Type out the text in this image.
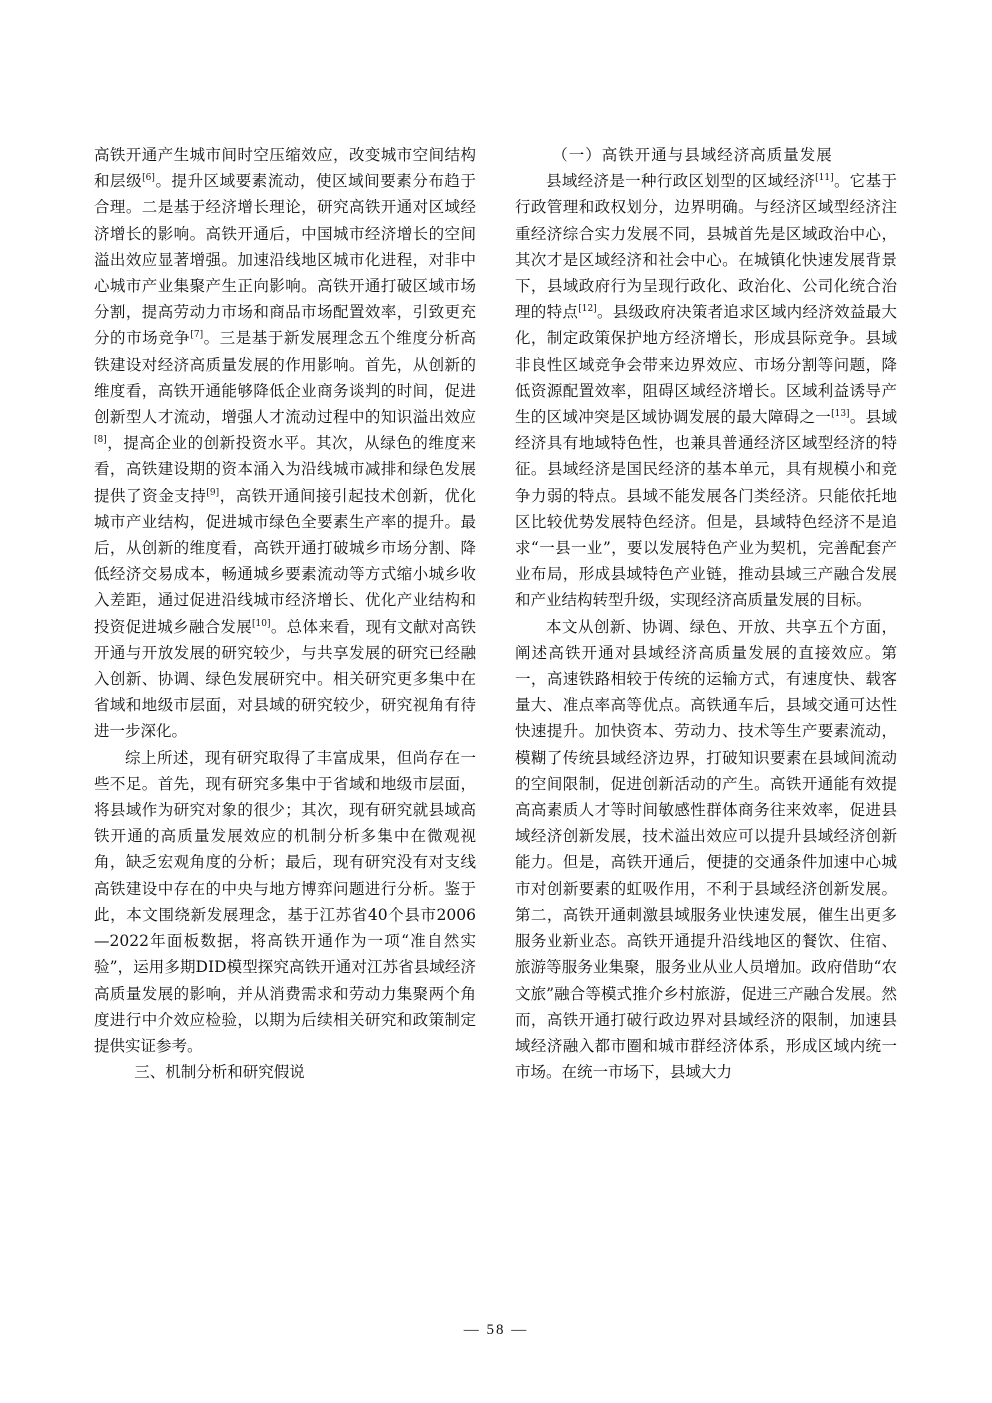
高铁开通产生城市间时空压缩效应，改变城市空间结构和层级[6]。提升区域要素流动，使区域间要素分布趋于合理。二是基于经济增长理论，研究高铁开通对区域经济增长的影响。高铁开通后，中国城市经济增长的空间溢出效应显著增强。加速沿线地区城市化进程，对非中心城市产业集聚产生正向影响。高铁开通打破区域市场分割，提高劳动力市场和商品市场配置效率，引致更充分的市场竞争[7]。三是基于新发展理念五个维度分析高铁建设对经济高质量发展的作用影响。首先，从创新的维度看，高铁开通能够降低企业商务谈判的时间，促进创新型人才流动，增强人才流动过程中的知识溢出效应[8]，提高企业的创新投资水平。其次，从绿色的维度来看，高铁建设期的资本涌入为沿线城市减排和绿色发展提供了资金支持[9]，高铁开通间接引起技术创新，优化城市产业结构，促进城市绿色全要素生产率的提升。最后，从创新的维度看，高铁开通打破城乡市场分割、降低经济交易成本，畅通城乡要素流动等方式缩小城乡收入差距，通过促进沿线城市经济增长、优化产业结构和投资促进城乡融合发展[10]。总体来看，现有文献对高铁开通与开放发展的研究较少，与共享发展的研究已经融入创新、协调、绿色发展研究中。相关研究更多集中在省域和地级市层面，对县域的研究较少，研究视角有待进一步深化。

综上所述，现有研究取得了丰富成果，但尚存在一些不足。首先，现有研究多集中于省域和地级市层面，将县域作为研究对象的很少；其次，现有研究就县域高铁开通的高质量发展效应的机制分析多集中在微观视角，缺乏宏观角度的分析；最后，现有研究没有对支线高铁建设中存在的中央与地方博弈问题进行分析。鉴于此，本文围绕新发展理念，基于江苏省40个县市2006—2022年面板数据，将高铁开通作为一项“准自然实验”，运用多期DID模型探究高铁开通对江苏省县域经济高质量发展的影响，并从消费需求和劳动力集聚两个角度进行中介效应检验，以期为后续相关研究和政策制定提供实证参考。

三、机制分析和研究假说

（一）高铁开通与县域经济高质量发展

县域经济是一种行政区划型的区域经济[11]。它基于行政管理和政权划分，边界明确。与经济区域型经济注重经济综合实力发展不同，县城首先是区域政治中心，其次才是区域经济和社会中心。在城镇化快速发展背景下，县域政府行为呈现行政化、政治化、公司化统合治理的特点[12]。县级政府决策者追求区域内经济效益最大化，制定政策保护地方经济增长，形成县际竞争。县域非良性区域竞争会带来边界效应、市场分割等问题，降低资源配置效率，阻碍区域经济增长。区域利益诱导产生的区域冲突是区域协调发展的最大障碍之一[13]。县域经济具有地域特色性，也兼具普通经济区域型经济的特征。县域经济是国民经济的基本单元，具有规模小和竞争力弱的特点。县域不能发展各门类经济。只能依托地区比较优势发展特色经济。但是，县域特色经济不是追求“一县一业”，要以发展特色产业为契机，完善配套产业布局，形成县域特色产业链，推动县域三产融合发展和产业结构转型升级，实现经济高质量发展的目标。

本文从创新、协调、绿色、开放、共享五个方面，阐述高铁开通对县域经济高质量发展的直接效应。第一，高速铁路相较于传统的运输方式，有速度快、载客量大、准点率高等优点。高铁通车后，县域交通可达性快速提升。加快资本、劳动力、技术等生产要素流动，模糊了传统县域经济边界，打破知识要素在县域间流动的空间限制，促进创新活动的产生。高铁开通能有效提高高素质人才等时间敏感性群体商务往来效率，促进县域经济创新发展，技术溢出效应可以提升县域经济创新能力。但是，高铁开通后，便捷的交通条件加速中心城市对创新要素的虹吸作用，不利于县域经济创新发展。第二，高铁开通刺激县域服务业快速发展，催生出更多服务业新业态。高铁开通提升沿线地区的餐饮、住宿、旅游等服务业集聚，服务业从业人员增加。政府借助“农文旅”融合等模式推介乡村旅游，促进三产融合发展。然而，高铁开通打破行政边界对县域经济的限制，加速县域经济融入都市圈和城市群经济体系，形成区域内统一市场。在统一市场下，县域大力

— 58 —
